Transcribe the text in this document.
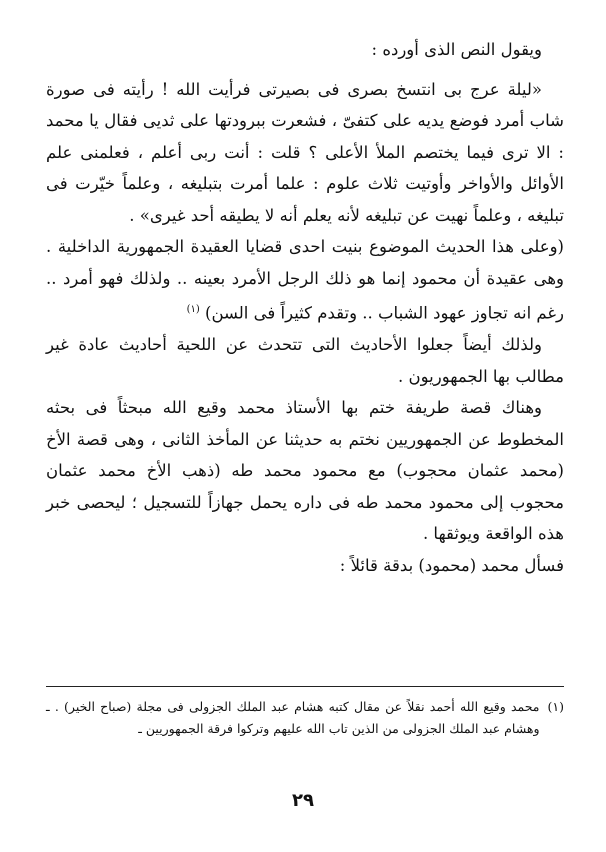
ويقول النص الذى أورده :

«ليلة عرج بى انتسخ بصرى فى بصيرتى فرأيت الله ! رأيته فى صورة شاب أمرد فوضع يديه على كتفىّ ، فشعرت ببرودتها على ثديى فقال يا محمد : الا ترى فيما يختصم الملأ الأعلى ؟ قلت : أنت ربى أعلم ، فعلمنى علم الأوائل والأواخر وأوتيت ثلاث علوم : علما أمرت بتبليغه ، وعلماً خيّرت فى تبليغه ، وعلماً نهيت عن تبليغه لأنه يعلم أنه لا يطيقه أحد غيرى» .

(وعلى هذا الحديث الموضوع بنيت احدى قضايا العقيدة الجمهورية الداخلية . وهى عقيدة أن محمود إنما هو ذلك الرجل الأمرد بعينه .. ولذلك فهو أمرد .. رغم انه تجاوز عهود الشباب .. وتقدم كثيراً فى السن) $^{(١)}$

ولذلك أيضاً جعلوا الأحاديث التى تتحدث عن اللحية أحاديث عادة غير مطالب بها الجمهوريون .

وهناك قصة طريفة ختم بها الأستاذ محمد وقيع الله مبحثاً فى بحثه المخطوط عن الجمهوريين نختم به حديثنا عن المأخذ الثانى ، وهى قصة الأخ (محمد عثمان محجوب) مع محمود محمد طه (ذهب الأخ محمد عثمان محجوب إلى محمود محمد طه فى داره يحمل جهازاً للتسجيل ؛ ليحصى خبر هذه الواقعة ويوثقها .

فسأل محمد (محمود) بدقة قائلاً :

(١)
محمد وقيع الله أحمد نقلاً عن مقال كتبه هشام عبد الملك الجزولى فى مجلة (صباح الخير) . ـ وهشام عبد الملك الجزولى من الذين تاب الله عليهم وتركوا فرقة الجمهوريين ـ
٢٩
